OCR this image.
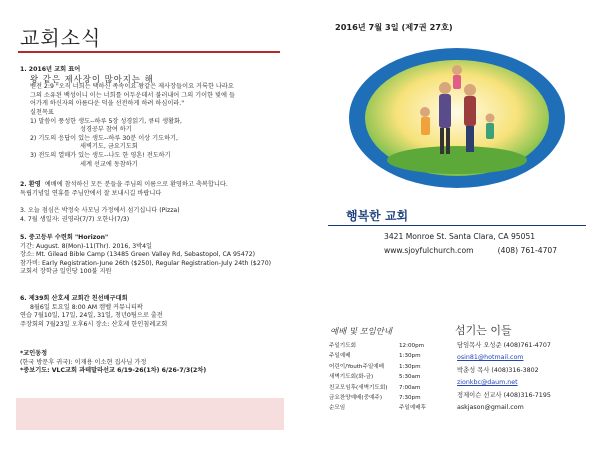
교회소식
1. 2016년 교회 표어
왕 같은 제사장이 많아지는 해
벧전 2:9 "오직 너희는 택하신 족속이요 왕같은 제사장들이요 거룩한 나라요
그의 소유된 백성이니 이는 너희를 어두운데서 불러내어 그의 기이한 빛에 들
어가게 하신자의 아름다운 덕을 선전하게 하려 하심이라."
실천목표
1) 말씀이 풍성한 생도--하루 5장 성경읽기, 큐티 생활화,
성경공부 참여 하기
2) 기도의 응답이 있는 생도--하루 30분 이상 기도하기,
새벽기도, 금요기도회
3) 전도의 열매가 있는 생도--나도 한 영혼! 전도하기
세계 선교에 동참하기
2. 환영 예배에 참석하신 모든 분들을 주님의 이름으로 환영하고 축복합니다.
독립기념일 연휴를 주님안에서 잘 보내시길 바랍니다
3. 오늘 점심은 박정숙 사모님 가정에서 섬기십니다 (Pizza)
4. 7월 생일자: 권영라(7/7) 오한나(7/3)
5. 중고등부 수련회 "Horizon"
기간: August. 8(Mon)-11(Thr). 2016, 3박4일
장소: Mt. Gilead Bible Camp (13485 Green Valley Rd, Sebastopol, CA 95472)
참가비: Early Registration-June 26th ($250), Regular Registration-July 24th ($270)
교회서 장학금 일인당 100불 지원
6. 제39회 산호세 교회간 친선배구대회
8월6일 토요일 8:00 AM 캠벨 커뮤니티팍
연습 7월10일, 17일, 24일, 31일, 청년0팀으로 출전
주장회의 7월23일 오후6시 장소: 산호세 한인침례교회
*교인동정
(한국 방문후 귀국): 이재용 이소현 집사님 가정
*중보기도: VLC교회 과테말라선교 6/19-26(1차) 6/26-7/3(2차)
2016년 7월 3일 (제7권 27호)
행복한 교회
3421 Monroe St. Santa Clara, CA 95051
www.sjoyfulchurch.com	(408) 761-4707
예배 및 모임안내
주일기도회	12:00pm
주일예배	1:30pm
어린이/Youth주일예배	1:30pm
새벽기도회(화-금)	5:30am
친교모임후(새벽기도회)	7:00am
금요찬양예배(중예주)	7:30pm
순모임	주일예배후
섬기는 이들
담임목사 오성준 (408)761-4707
osin81@hotmail.com
박춘성 목사 (408)316-3802
zionkbc@daum.net
정제이슨 선교사 (408)316-7195
askjason@gmail.com
